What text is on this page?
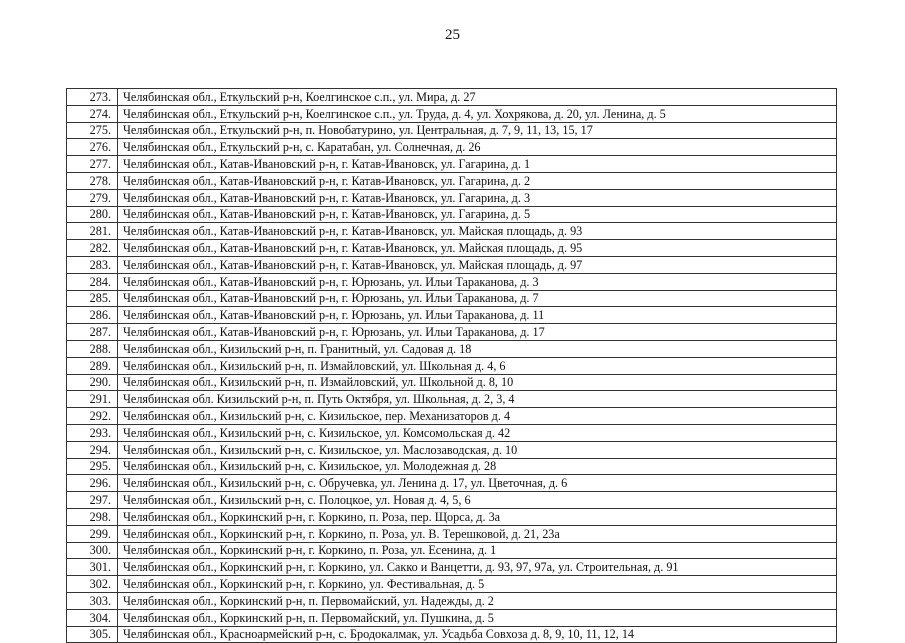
25
273.	Челябинская обл., Еткульский р-н, Коелгинское с.п., ул. Мира, д. 27
274.	Челябинская обл., Еткульский р-н, Коелгинское с.п., ул. Труда, д. 4, ул. Хохрякова, д. 20, ул. Ленина, д. 5
275.	Челябинская обл., Еткульский р-н, п. Новобатурино, ул. Центральная, д. 7, 9, 11, 13, 15, 17
276.	Челябинская обл., Еткульский р-н, с. Каратабан, ул. Солнечная, д. 26
277.	Челябинская обл., Катав-Ивановский р-н, г. Катав-Ивановск, ул. Гагарина, д. 1
278.	Челябинская обл., Катав-Ивановский р-н, г. Катав-Ивановск, ул. Гагарина, д. 2
279.	Челябинская обл., Катав-Ивановский р-н, г. Катав-Ивановск, ул. Гагарина, д. 3
280.	Челябинская обл., Катав-Ивановский р-н, г. Катав-Ивановск, ул. Гагарина, д. 5
281.	Челябинская обл., Катав-Ивановский р-н, г. Катав-Ивановск, ул. Майская площадь, д. 93
282.	Челябинская обл., Катав-Ивановский р-н, г. Катав-Ивановск, ул. Майская площадь, д. 95
283.	Челябинская обл., Катав-Ивановский р-н, г. Катав-Ивановск, ул. Майская площадь, д. 97
284.	Челябинская обл., Катав-Ивановский р-н, г. Юрюзань, ул. Ильи Тараканова, д. 3
285.	Челябинская обл., Катав-Ивановский р-н, г. Юрюзань, ул. Ильи Тараканова, д. 7
286.	Челябинская обл., Катав-Ивановский р-н, г. Юрюзань, ул. Ильи Тараканова, д. 11
287.	Челябинская обл., Катав-Ивановский р-н, г. Юрюзань, ул. Ильи Тараканова, д. 17
288.	Челябинская обл., Кизильский р-н, п. Гранитный, ул. Садовая д. 18
289.	Челябинская обл., Кизильский р-н, п. Измайловский, ул. Школьная д. 4, 6
290.	Челябинская обл., Кизильский р-н, п. Измайловский, ул. Школьной д. 8, 10
291.	Челябинская обл. Кизильский р-н, п. Путь Октября, ул. Школьная, д. 2, 3, 4
292.	Челябинская обл., Кизильский р-н, с. Кизильское, пер. Механизаторов д. 4
293.	Челябинская обл., Кизильский р-н, с. Кизильское, ул. Комсомольская д. 42
294.	Челябинская обл., Кизильский р-н, с. Кизильское, ул. Маслозаводская, д. 10
295.	Челябинская обл., Кизильский р-н, с. Кизильское, ул. Молодежная д. 28
296.	Челябинская обл., Кизильский р-н, с. Обручевка, ул. Ленина д. 17, ул. Цветочная, д. 6
297.	Челябинская обл., Кизильский р-н, с. Полоцкое, ул. Новая д. 4, 5, 6
298.	Челябинская обл., Коркинский р-н, г. Коркино, п. Роза, пер. Щорса, д. 3а
299.	Челябинская обл., Коркинский р-н, г. Коркино, п. Роза, ул. В. Терешковой, д. 21, 23а
300.	Челябинская обл., Коркинский р-н, г. Коркино, п. Роза, ул. Есенина, д. 1
301.	Челябинская обл., Коркинский р-н, г. Коркино, ул. Сакко и Ванцетти, д. 93, 97, 97а, ул. Строительная, д. 91
302.	Челябинская обл., Коркинский р-н, г. Коркино, ул. Фестивальная, д. 5
303.	Челябинская обл., Коркинский р-н, п. Первомайский, ул. Надежды, д. 2
304.	Челябинская обл., Коркинский р-н, п. Первомайский, ул. Пушкина, д. 5
305.	Челябинская обл., Красноармейский р-н, с. Бродокалмак, ул. Усадьба Совхоза д. 8, 9, 10, 11, 12, 14
